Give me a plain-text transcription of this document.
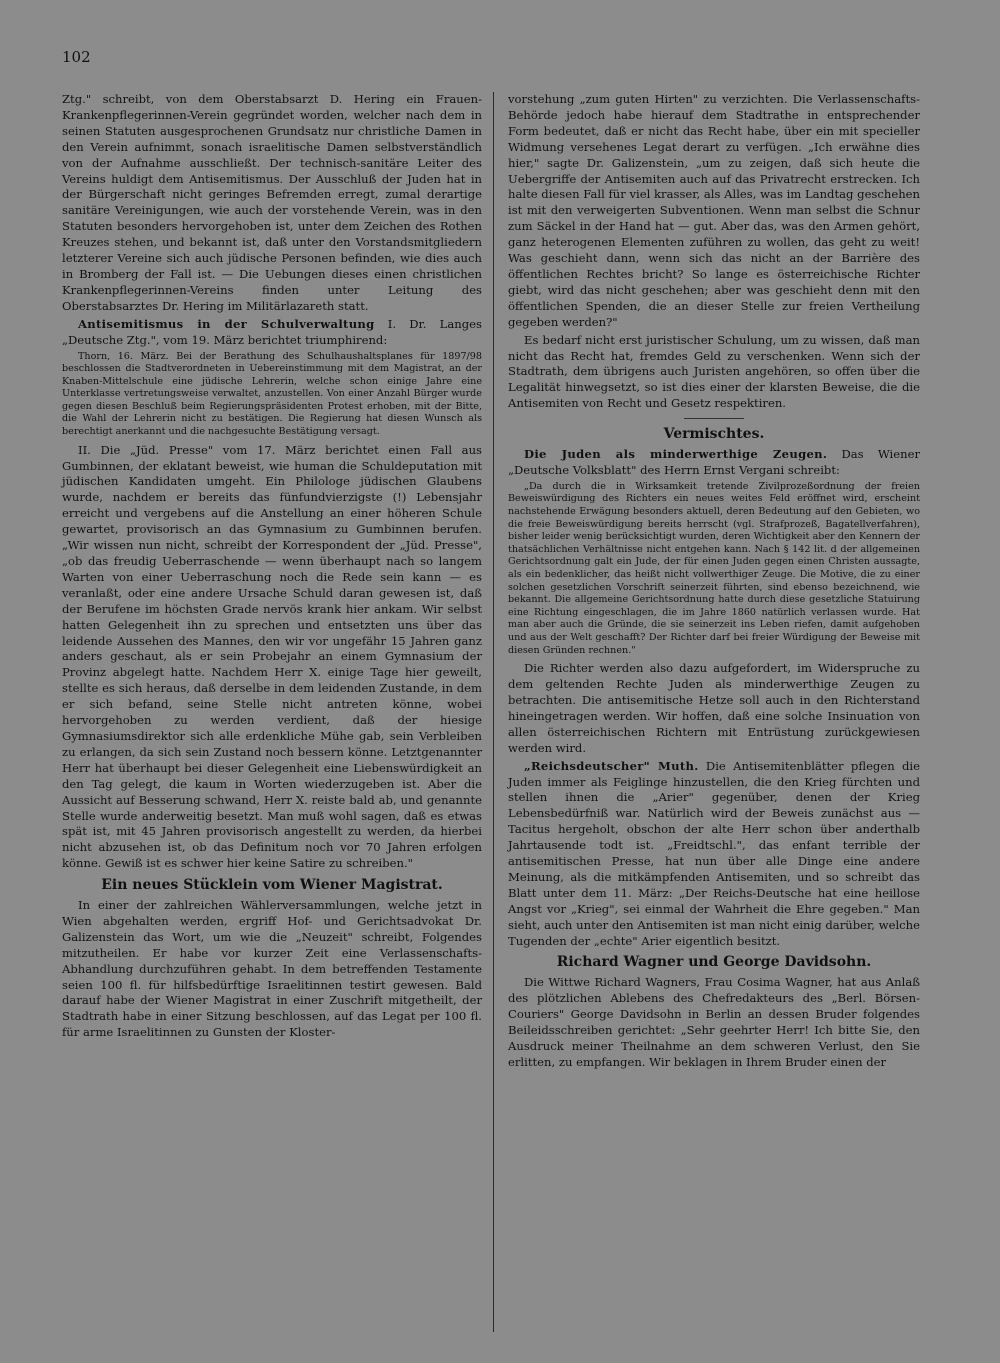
102

Ztg." schreibt, von dem Oberstabsarzt D. Hering ein Frauen-Krankenpflegerinnen-Verein gegründet worden, welcher nach dem in seinen Statuten ausgesprochenen Grundsatz nur christliche Damen in den Verein aufnimmt, sonach israelitische Damen selbstverständlich von der Aufnahme ausschließt. Der technisch-sanitäre Leiter des Vereins huldigt dem Antisemitismus. Der Ausschluß der Juden hat in der Bürgerschaft nicht geringes Befremden erregt, zumal derartige sanitäre Vereinigungen, wie auch der vorstehende Verein, was in den Statuten besonders hervorgehoben ist, unter dem Zeichen des Rothen Kreuzes stehen, und bekannt ist, daß unter den Vorstandsmitgliedern letzterer Vereine sich auch jüdische Personen befinden, wie dies auch in Bromberg der Fall ist. — Die Uebungen dieses einen christlichen Krankenpflegerinnen-Vereins finden unter Leitung des Oberstabsarztes Dr. Hering im Militärlazareth statt.

Antisemitismus in der Schulverwaltung I. Dr. Langes „Deutsche Ztg.", vom 19. März berichtet triumphirend:

Thorn, 16. März. Bei der Berathung des Schulhaushaltsplanes für 1897/98 beschlossen die Stadtverordneten in Uebereinstimmung mit dem Magistrat, an der Knaben-Mittelschule eine jüdische Lehrerin, welche schon einige Jahre eine Unterklasse vertretungsweise verwaltet, anzustellen. Von einer Anzahl Bürger wurde gegen diesen Beschluß beim Regierungspräsidenten Protest erhoben, mit der Bitte, die Wahl der Lehrerin nicht zu bestätigen. Die Regierung hat diesen Wunsch als berechtigt anerkannt und die nachgesuchte Bestätigung versagt.

II. Die „Jüd. Presse" vom 17. März berichtet einen Fall aus Gumbinnen, der eklatant beweist, wie human die Schuldeputation mit jüdischen Kandidaten umgeht. Ein Philologe jüdischen Glaubens wurde, nachdem er bereits das fünfundvierzigste (!) Lebensjahr erreicht und vergebens auf die Anstellung an einer höheren Schule gewartet, provisorisch an das Gymnasium zu Gumbinnen berufen. „Wir wissen nun nicht, schreibt der Korrespondent der „Jüd. Presse", „ob das freudig Ueberraschende — wenn überhaupt nach so langem Warten von einer Ueberraschung noch die Rede sein kann — es veranlaßt, oder eine andere Ursache Schuld daran gewesen ist, daß der Berufene im höchsten Grade nervös krank hier ankam. Wir selbst hatten Gelegenheit ihn zu sprechen und entsetzten uns über das leidende Aussehen des Mannes, den wir vor ungefähr 15 Jahren ganz anders geschaut, als er sein Probejahr an einem Gymnasium der Provinz abgelegt hatte. Nachdem Herr X. einige Tage hier geweilt, stellte es sich heraus, daß derselbe in dem leidenden Zustande, in dem er sich befand, seine Stelle nicht antreten könne, wobei hervorgehoben zu werden verdient, daß der hiesige Gymnasiumsdirektor sich alle erdenkliche Mühe gab, sein Verbleiben zu erlangen, da sich sein Zustand noch bessern könne. Letztgenannter Herr hat überhaupt bei dieser Gelegenheit eine Liebenswürdigkeit an den Tag gelegt, die kaum in Worten wiederzugeben ist. Aber die Aussicht auf Besserung schwand, Herr X. reiste bald ab, und genannte Stelle wurde anderweitig besetzt. Man muß wohl sagen, daß es etwas spät ist, mit 45 Jahren provisorisch angestellt zu werden, da hierbei nicht abzusehen ist, ob das Definitum noch vor 70 Jahren erfolgen könne. Gewiß ist es schwer hier keine Satire zu schreiben."

Ein neues Stücklein vom Wiener Magistrat.

In einer der zahlreichen Wählerversammlungen, welche jetzt in Wien abgehalten werden, ergriff Hof- und Gerichtsadvokat Dr. Galizenstein das Wort, um wie die „Neuzeit" schreibt, Folgendes mitzutheilen. Er habe vor kurzer Zeit eine Verlassenschafts-Abhandlung durchzuführen gehabt. In dem betreffenden Testamente seien 100 fl. für hilfsbedürftige Israelitinnen testirt gewesen. Bald darauf habe der Wiener Magistrat in einer Zuschrift mitgetheilt, der Stadtrath habe in einer Sitzung beschlossen, auf das Legat per 100 fl. für arme Israelitinnen zu Gunsten der Kloster-

vorstehung „zum guten Hirten" zu verzichten. Die Verlassenschafts-Behörde jedoch habe hierauf dem Stadtrathe in entsprechender Form bedeutet, daß er nicht das Recht habe, über ein mit specieller Widmung versehenes Legat derart zu verfügen. „Ich erwähne dies hier," sagte Dr. Galizenstein, „um zu zeigen, daß sich heute die Uebergriffe der Antisemiten auch auf das Privatrecht erstrecken. Ich halte diesen Fall für viel krasser, als Alles, was im Landtag geschehen ist mit den verweigerten Subventionen. Wenn man selbst die Schnur zum Säckel in der Hand hat — gut. Aber das, was den Armen gehört, ganz heterogenen Elementen zuführen zu wollen, das geht zu weit! Was geschieht dann, wenn sich das nicht an der Barrière des öffentlichen Rechtes bricht? So lange es österreichische Richter giebt, wird das nicht geschehen; aber was geschieht denn mit den öffentlichen Spenden, die an dieser Stelle zur freien Vertheilung gegeben werden?"

Es bedarf nicht erst juristischer Schulung, um zu wissen, daß man nicht das Recht hat, fremdes Geld zu verschenken. Wenn sich der Stadtrath, dem übrigens auch Juristen angehören, so offen über die Legalität hinwegsetzt, so ist dies einer der klarsten Beweise, die die Antisemiten von Recht und Gesetz respektiren.

Vermischtes.

Die Juden als minderwerthige Zeugen. Das Wiener „Deutsche Volksblatt" des Herrn Ernst Vergani schreibt:

„Da durch die in Wirksamkeit tretende Zivilprozeßordnung der freien Beweiswürdigung des Richters ein neues weites Feld eröffnet wird, erscheint nachstehende Erwägung besonders aktuell, deren Bedeutung auf den Gebieten, wo die freie Beweiswürdigung bereits herrscht (vgl. Strafprozeß, Bagatellverfahren), bisher leider wenig berücksichtigt wurden, deren Wichtigkeit aber den Kennern der thatsächlichen Verhältnisse nicht entgehen kann. Nach § 142 lit. d der allgemeinen Gerichtsordnung galt ein Jude, der für einen Juden gegen einen Christen aussagte, als ein bedenklicher, das heißt nicht vollwerthiger Zeuge. Die Motive, die zu einer solchen gesetzlichen Vorschrift seinerzeit führten, sind ebenso bezeichnend, wie bekannt. Die allgemeine Gerichtsordnung hatte durch diese gesetzliche Statuirung eine Richtung eingeschlagen, die im Jahre 1860 natürlich verlassen wurde. Hat man aber auch die Gründe, die sie seinerzeit ins Leben riefen, damit aufgehoben und aus der Welt geschafft? Der Richter darf bei freier Würdigung der Beweise mit diesen Gründen rechnen."

Die Richter werden also dazu aufgefordert, im Widerspruche zu dem geltenden Rechte Juden als minderwerthige Zeugen zu betrachten. Die antisemitische Hetze soll auch in den Richterstand hineingetragen werden. Wir hoffen, daß eine solche Insinuation von allen österreichischen Richtern mit Entrüstung zurückgewiesen werden wird.

„Reichsdeutscher" Muth. Die Antisemitenblätter pflegen die Juden immer als Feiglinge hinzustellen, die den Krieg fürchten und stellen ihnen die „Arier" gegenüber, denen der Krieg Lebensbedürfniß war. Natürlich wird der Beweis zunächst aus — Tacitus hergeholt, obschon der alte Herr schon über anderthalb Jahrtausende todt ist. „Freidtschl.", das enfant terrible der antisemitischen Presse, hat nun über alle Dinge eine andere Meinung, als die mitkämpfenden Antisemiten, und so schreibt das Blatt unter dem 11. März: „Der Reichs-Deutsche hat eine heillose Angst vor „Krieg", sei einmal der Wahrheit die Ehre gegeben." Man sieht, auch unter den Antisemiten ist man nicht einig darüber, welche Tugenden der „echte" Arier eigentlich besitzt.

Richard Wagner und George Davidsohn.

Die Wittwe Richard Wagners, Frau Cosima Wagner, hat aus Anlaß des plötzlichen Ablebens des Chefredakteurs des „Berl. Börsen-Couriers" George Davidsohn in Berlin an dessen Bruder folgendes Beileidsschreiben gerichtet: „Sehr geehrter Herr! Ich bitte Sie, den Ausdruck meiner Theilnahme an dem schweren Verlust, den Sie erlitten, zu empfangen. Wir beklagen in Ihrem Bruder einen der
